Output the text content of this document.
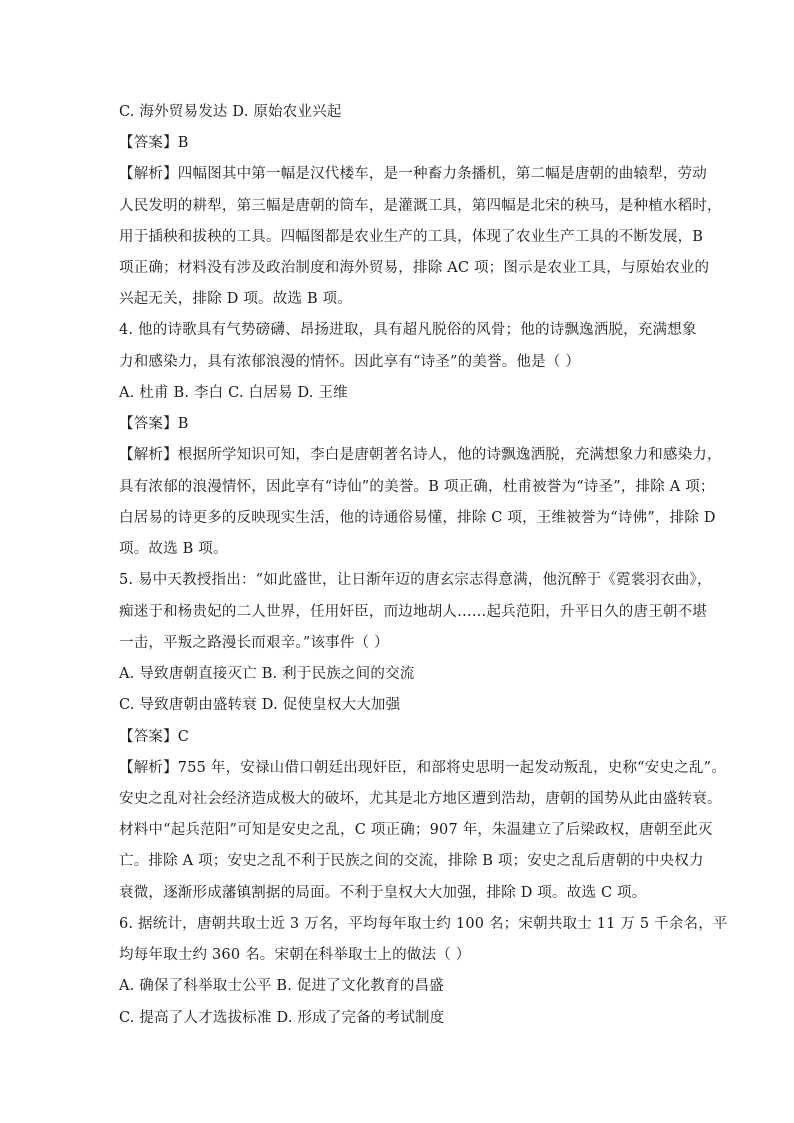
C. 海外贸易发达 D. 原始农业兴起
【答案】B
【解析】四幅图其中第一幅是汉代楼车，是一种畜力条播机，第二幅是唐朝的曲辕犁，劳动
人民发明的耕犁，第三幅是唐朝的筒车，是灌溉工具，第四幅是北宋的秧马，是种植水稻时，
用于插秧和拔秧的工具。四幅图都是农业生产的工具，体现了农业生产工具的不断发展，B
项正确；材料没有涉及政治制度和海外贸易，排除 AC 项；图示是农业工具，与原始农业的
兴起无关，排除 D 项。故选 B 项。
4. 他的诗歌具有气势磅礴、昂扬进取，具有超凡脱俗的风骨；他的诗飘逸洒脱，充满想象
力和感染力，具有浓郁浪漫的情怀。因此享有“诗圣”的美誉。他是（ ）
A. 杜甫 B. 李白 C. 白居易 D. 王维
【答案】B
【解析】根据所学知识可知，李白是唐朝著名诗人，他的诗飘逸洒脱，充满想象力和感染力，
具有浓郁的浪漫情怀，因此享有“诗仙”的美誉。B 项正确，杜甫被誉为“诗圣”，排除 A 项；
白居易的诗更多的反映现实生活，他的诗通俗易懂，排除 C 项，王维被誉为“诗佛”，排除 D
项。故选 B 项。
5. 易中天教授指出：“如此盛世，让日渐年迈的唐玄宗志得意满，他沉醉于《霓裳羽衣曲》，
痴迷于和杨贵妃的二人世界，任用奸臣，而边地胡人……起兵范阳，升平日久的唐王朝不堪
一击，平叛之路漫长而艰辛。”该事件（ ）
A. 导致唐朝直接灭亡 B. 利于民族之间的交流
C. 导致唐朝由盛转衰 D. 促使皇权大大加强
【答案】C
【解析】755 年，安禄山借口朝廷出现奸臣，和部将史思明一起发动叛乱，史称“安史之乱”。
安史之乱对社会经济造成极大的破坏，尤其是北方地区遭到浩劫，唐朝的国势从此由盛转衰。
材料中“起兵范阳”可知是安史之乱，C 项正确；907 年，朱温建立了后梁政权，唐朝至此灭
亡。排除 A 项；安史之乱不利于民族之间的交流，排除 B 项；安史之乱后唐朝的中央权力
衰微，逐渐形成藩镇割据的局面。不利于皇权大大加强，排除 D 项。故选 C 项。
6. 据统计，唐朝共取士近 3 万名，平均每年取士约 100 名；宋朝共取士 11 万 5 千余名，平
均每年取士约 360 名。宋朝在科举取士上的做法（ ）
A. 确保了科举取士公平 B. 促进了文化教育的昌盛
C. 提高了人才选拔标准 D. 形成了完备的考试制度
